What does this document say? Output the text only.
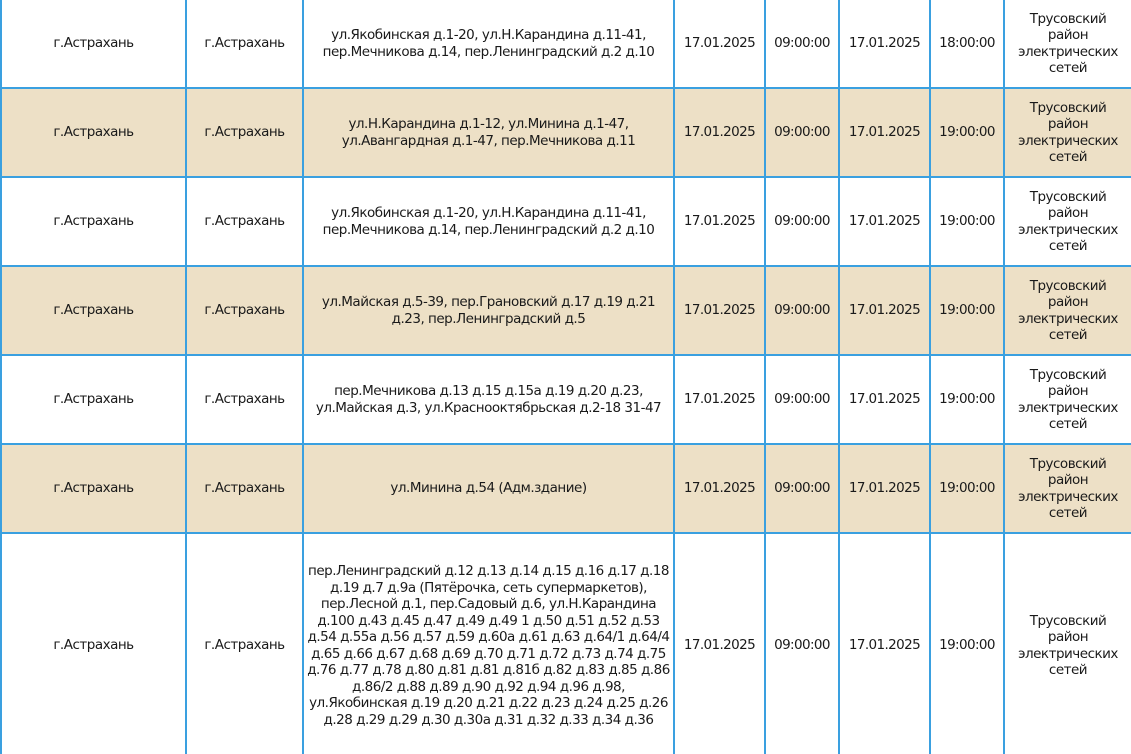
г.Астрахань	г.Астрахань	ул.Якобинская д.1-20, ул.Н.Карандина д.11-41, пер.Мечникова д.14, пер.Ленинградский д.2 д.10	17.01.2025	09:00:00	17.01.2025	18:00:00	Трусовский район электрических сетей
г.Астрахань	г.Астрахань	ул.Н.Карандина д.1-12, ул.Минина д.1-47, ул.Авангардная д.1-47, пер.Мечникова д.11	17.01.2025	09:00:00	17.01.2025	19:00:00	Трусовский район электрических сетей
г.Астрахань	г.Астрахань	ул.Якобинская д.1-20, ул.Н.Карандина д.11-41, пер.Мечникова д.14, пер.Ленинградский д.2 д.10	17.01.2025	09:00:00	17.01.2025	19:00:00	Трусовский район электрических сетей
г.Астрахань	г.Астрахань	ул.Майская д.5-39, пер.Грановский д.17 д.19 д.21 д.23, пер.Ленинградский д.5	17.01.2025	09:00:00	17.01.2025	19:00:00	Трусовский район электрических сетей
г.Астрахань	г.Астрахань	пер.Мечникова д.13 д.15 д.15а д.19 д.20 д.23, ул.Майская д.3, ул.Краснооктябрьская д.2-18 31-47	17.01.2025	09:00:00	17.01.2025	19:00:00	Трусовский район электрических сетей
г.Астрахань	г.Астрахань	ул.Минина д.54 (Адм.здание)	17.01.2025	09:00:00	17.01.2025	19:00:00	Трусовский район электрических сетей
г.Астрахань	г.Астрахань	пер.Ленинградский д.12 д.13 д.14 д.15 д.16 д.17 д.18 д.19 д.7 д.9а (Пятёрочка, сеть супермаркетов), пер.Лесной д.1, пер.Садовый д.6, ул.Н.Карандина д.100 д.43 д.45 д.47 д.49 д.49 1 д.50 д.51 д.52 д.53 д.54 д.55а д.56 д.57 д.59 д.60а д.61 д.63 д.64/1 д.64/4 д.65 д.66 д.67 д.68 д.69 д.70 д.71 д.72 д.73 д.74 д.75 д.76 д.77 д.78 д.80 д.81 д.81 д.81б д.82 д.83 д.85 д.86 д.86/2 д.88 д.89 д.90 д.92 д.94 д.96 д.98, ул.Якобинская д.19 д.20 д.21 д.22 д.23 д.24 д.25 д.26 д.28 д.29 д.29 д.30 д.30а д.31 д.32 д.33 д.34 д.36	17.01.2025	09:00:00	17.01.2025	19:00:00	Трусовский район электрических сетей
